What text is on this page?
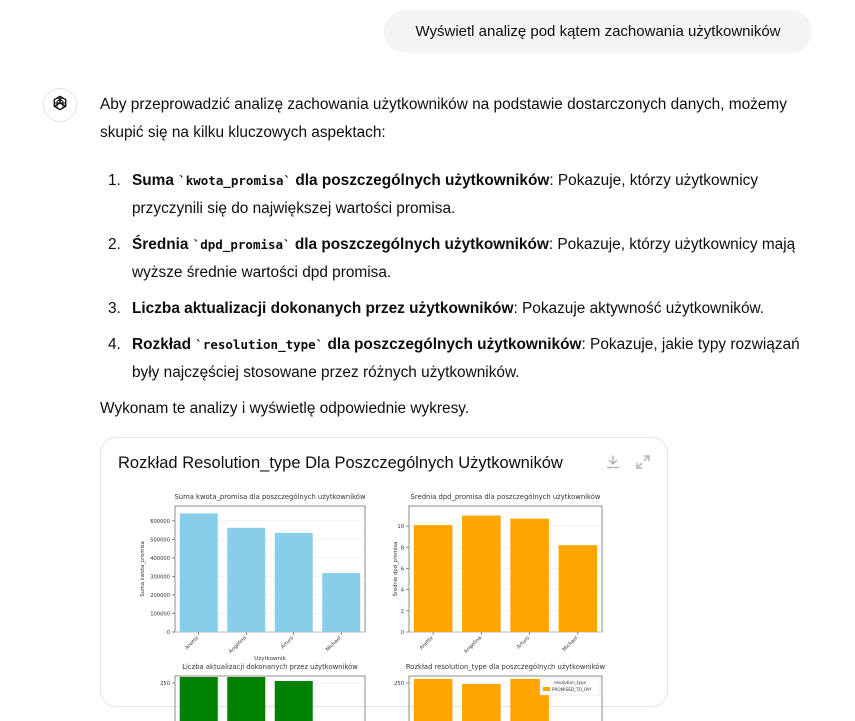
Wyświetl analizę pod kątem zachowania użytkowników

Aby przeprowadzić analizę zachowania użytkowników na podstawie dostarczonych danych, możemy skupić się na kilku kluczowych aspektach:

1. Suma `kwota_promisa` dla poszczególnych użytkowników: Pokazuje, którzy użytkownicy przyczynili się do największej wartości promisa.
2. Średnia `dpd_promisa` dla poszczególnych użytkowników: Pokazuje, którzy użytkownicy mają wyższe średnie wartości dpd promisa.
3. Liczba aktualizacji dokonanych przez użytkowników: Pokazuje aktywność użytkowników.
4. Rozkład `resolution_type` dla poszczególnych użytkowników: Pokazuje, jakie typy rozwiązań były najczęściej stosowane przez różnych użytkowników.

Wykonam te analizy i wyświetlę odpowiednie wykresy.

Rozkład Resolution_type Dla Poszczególnych Użytkowników
Suma kwota_promisa dla poszczególnych użytkowników
0
100000
200000
300000
400000
500000
600000
Anette	Angelina	Arturo	Michael
Użytkownik
Suma kwota_promisa
Średnia dpd_promisa dla poszczególnych użytkowników
0
2
4
6
8
10
Anette	Angelina	Arturo	Michael
Średnie dpd_promisa
Liczba aktualizacji dokonanych przez użytkowników
250
Rozkład resolution_type dla poszczególnych użytkowników
250	resolution_type
PROMISED_TO_PAY
